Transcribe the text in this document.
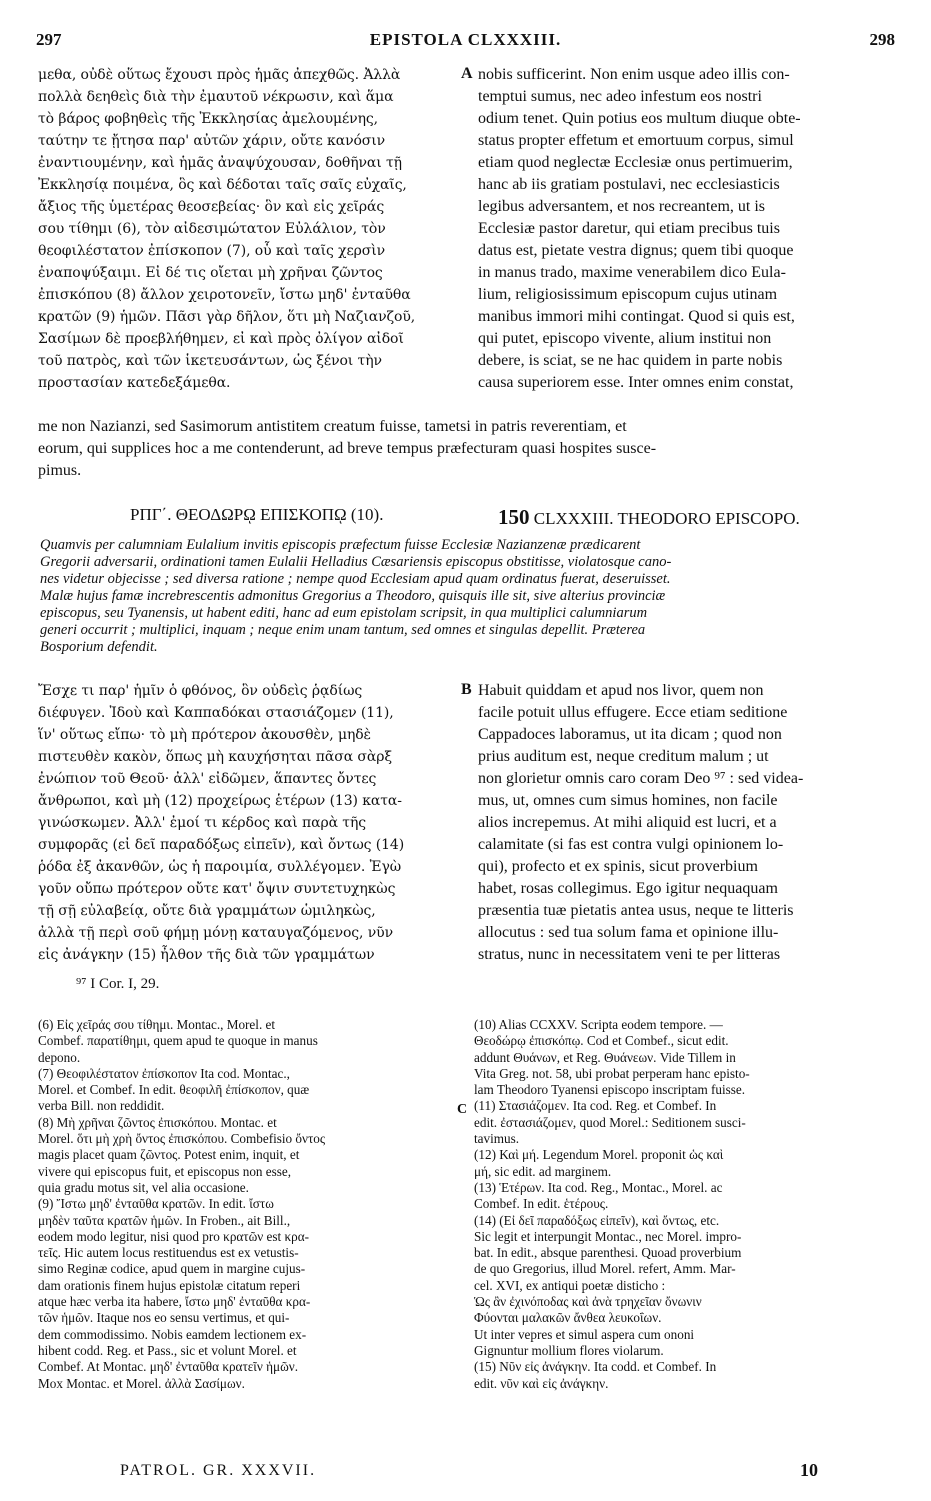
297	EPISTOLA CLXXXIII.	298
μεθα, οὐδὲ οὕτως ἔχουσι πρὸς ἡμᾶς ἀπεχθῶς. Ἀλλὰ
πολλὰ δεηθεὶς διὰ τὴν ἐμαυτοῦ νέκρωσιν, καὶ ἅμα
τὸ βάρος φοβηθεὶς τῆς Ἐκκλησίας ἀμελουμένης,
ταύτην τε ᾔτησα παρ' αὐτῶν χάριν, οὔτε κανόσιν
ἐναντιουμένην, καὶ ἡμᾶς ἀναψύχουσαν, δοθῆναι τῇ
Ἐκκλησίᾳ ποιμένα, ὃς καὶ δέδοται ταῖς σαῖς εὐχαῖς,
ἄξιος τῆς ὑμετέρας θεοσεβείας· ὃν καὶ εἰς χεῖράς
σου τίθημι (6), τὸν αἰδεσιμώτατον Εὐλάλιον, τὸν
θεοφιλέστατον ἐπίσκοπον (7), οὗ καὶ ταῖς χερσὶν
ἐναποψύξαιμι. Εἰ δέ τις οἴεται μὴ χρῆναι ζῶντος
ἐπισκόπου (8) ἄλλον χειροτονεῖν, ἴστω μηδ' ἐνταῦθα
κρατῶν (9) ἡμῶν. Πᾶσι γὰρ δῆλον, ὅτι μὴ Ναζιανζοῦ,
Σασίμων δὲ προεβλήθημεν, εἰ καὶ πρὸς ὀλίγον αἰδοῖ
τοῦ πατρὸς, καὶ τῶν ἱκετευσάντων, ὡς ξένοι τὴν
προστασίαν κατεδεξάμεθα.
A nobis sufficerint. Non enim usque adeo illis con-
temptui sumus, nec adeo infestum eos nostri
odium tenet. Quin potius eos multum diuque obte-
status propter effetum et emortuum corpus, simul
etiam quod neglectæ Ecclesiæ onus pertimuerim,
hanc ab iis gratiam postulavi, nec ecclesiasticis
legibus adversantem, et nos recreantem, ut is
Ecclesiæ pastor daretur, qui etiam precibus tuis
datus est, pietate vestra dignus; quem tibi quoque
in manus trado, maxime venerabilem dico Eula-
lium, religiosissimum episcopum cujus utinam
manibus immori mihi contingat. Quod si quis est,
qui putet, episcopo vivente, alium institui non
debere, is sciat, se ne hac quidem in parte nobis
causa superiorem esse. Inter omnes enim constat,
me non Nazianzi, sed Sasimorum antistitem creatum fuisse, tametsi in patris reverentiam, et
eorum, qui supplices hoc a me contenderunt, ad breve tempus præfecturam quasi hospites susce-
pimus.
ΡΠΓ΄. ΘΕΟΔΩΡῼ ΕΠΙΣΚΟΠῼ (10).	150 CLXXXIII. THEODORO EPISCOPO.
Quamvis per calumniam Eulalium invitis episcopis præfectum fuisse Ecclesiæ Nazianzenæ prædicarent
Gregorii adversarii, ordinationi tamen Eulalii Helladius Cæsariensis episcopus obstitisse, violatosque cano-
nes videtur objecisse ; sed diversa ratione ; nempe quod Ecclesiam apud quam ordinatus fuerat, deseruisset.
Malæ hujus famæ increbrescentis admonitus Gregorius a Theodoro, quisquis ille sit, sive alterius provinciæ
episcopus, seu Tyanensis, ut habent editi, hanc ad eum epistolam scripsit, in qua multiplici calumniarum
generi occurrit ; multiplici, inquam ; neque enim unam tantum, sed omnes et singulas depellit. Præterea
Bosporium defendit.
Ἔσχε τι παρ' ἡμῖν ὁ φθόνος, ὃν οὐδεὶς ῥᾳδίως
διέφυγεν. Ἰδοὺ καὶ Καππαδόκαι στασιάζομεν (11),
ἵν' οὕτως εἴπω· τὸ μὴ πρότερον ἀκουσθὲν, μηδὲ
πιστευθὲν κακὸν, ὅπως μὴ καυχήσηται πᾶσα σὰρξ
ἐνώπιον τοῦ Θεοῦ· ἀλλ' εἰδῶμεν, ἅπαντες ὄντες
ἄνθρωποι, καὶ μὴ (12) προχείρως ἑτέρων (13) κατα-
γινώσκωμεν. Ἀλλ' ἐμοί τι κέρδος καὶ παρὰ τῆς
συμφορᾶς (εἰ δεῖ παραδόξως εἰπεῖν), καὶ ὄντως (14)
ῥόδα ἐξ ἀκανθῶν, ὡς ἡ παροιμία, συλλέγομεν. Ἐγὼ
γοῦν οὔπω πρότερον οὔτε κατ' ὄψιν συντετυχηκὼς
τῇ σῇ εὐλαβείᾳ, οὔτε διὰ γραμμάτων ὡμιληκὼς,
ἀλλὰ τῇ περὶ σοῦ φήμῃ μόνῃ καταυγαζόμενος, νῦν
εἰς ἀνάγκην (15) ἦλθον τῆς διὰ τῶν γραμμάτων
B Habuit quiddam et apud nos livor, quem non
facile potuit ullus effugere. Ecce etiam seditione
Cappadoces laboramus, ut ita dicam ; quod non
prius auditum est, neque creditum malum ; ut
non glorietur omnis caro coram Deo ⁹⁷ : sed videa-
mus, ut, omnes cum simus homines, non facile
alios increpemus. At mihi aliquid est lucri, et a
calamitate (si fas est contra vulgi opinionem lo-
qui), profecto et ex spinis, sicut proverbium
habet, rosas collegimus. Ego igitur nequaquam
præsentia tuæ pietatis antea usus, neque te litteris
allocutus : sed tua solum fama et opinione illu-
stratus, nunc in necessitatem veni te per litteras
⁹⁷ I Cor. I, 29.
(6) Εἰς χεῖράς σου τίθημι. Montac., Morel. et
Combef. παρατίθημι, quem apud te quoque in manus
depono.
(7) Θεοφιλέστατον ἐπίσκοπον Ita cod. Montac.,
Morel. et Combef. In edit. θεοφιλῆ ἐπίσκοπον, quæ
verba Bill. non reddidit.
(8) Μὴ χρῆναι ζῶντος ἐπισκόπου. Montac. et
Morel. ὅτι μὴ χρὴ ὄντος ἐπισκόπου. Combefisio ὄντος
magis placet quam ζῶντος. Potest enim, inquit, et
vivere qui episcopus fuit, et episcopus non esse,
quia gradu motus sit, vel alia occasione.
(9) Ἴστω μηδ' ἐνταῦθα κρατῶν. In edit. ἴστω
μηδὲν ταῦτα κρατῶν ἡμῶν. In Froben., ait Bill.,
eodem modo legitur, nisi quod pro κρατῶν est κρα-
τεῖς. Hic autem locus restituendus est ex vetustis-
simo Reginæ codice, apud quem in margine cujus-
dam orationis finem hujus epistolæ citatum reperi
atque hæc verba ita habere, ἴστω μηδ' ἐνταῦθα κρα-
τῶν ἡμῶν. Itaque nos eo sensu vertimus, et qui-
dem commodissimo. Nobis eamdem lectionem ex-
hibent codd. Reg. et Pass., sic et volunt Morel. et
Combef. At Montac. μηδ' ἐνταῦθα κρατεῖν ἡμῶν.
Mox Montac. et Morel. ἀλλὰ Σασίμων.
C
(10) Alias CCXXV. Scripta eodem tempore. —
Θεοδώρῳ ἐπισκόπῳ. Cod et Combef., sicut edit.
addunt Θυάνων, et Reg. Θυάνεων. Vide Tillem in
Vita Greg. not. 58, ubi probat perperam hanc episto-
lam Theodoro Tyanensi episcopo inscriptam fuisse.
(11) Στασιάζομεν. Ita cod. Reg. et Combef. In
edit. ἐστασιάζομεν, quod Morel.: Seditionem susci-
tavimus.
(12) Καὶ μή. Legendum Morel. proponit ὡς καὶ
μή, sic edit. ad marginem.
(13) Ἑτέρων. Ita cod. Reg., Montac., Morel. ac
Combef. In edit. ἑτέρους.
(14) (Εἰ δεῖ παραδόξως εἰπεῖν), καὶ ὄντως, etc.
Sic legit et interpungit Montac., nec Morel. impro-
bat. In edit., absque parenthesi. Quoad proverbium
de quo Gregorius, illud Morel. refert, Amm. Mar-
cel. XVI, ex antiqui poetæ disticho :
Ὡς ἂν ἐχινόποδας καὶ ἀνὰ τρηχεῖαν ὄνωνιν
Φύονται μαλακῶν ἄνθεα λευκοΐων.
Ut inter vepres et simul aspera cum ononi
Gignuntur mollium flores violarum.
(15) Νῦν εἰς ἀνάγκην. Ita codd. et Combef. In
edit. νῦν καὶ εἰς ἀνάγκην.
PATROL. GR. XXXVII.	10
